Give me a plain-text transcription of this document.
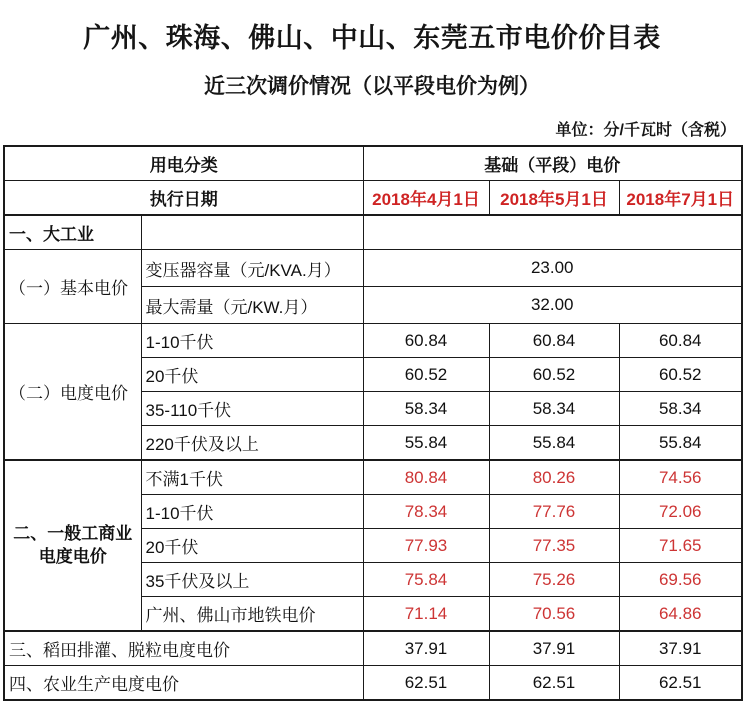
广州、珠海、佛山、中山、东莞五市电价价目表
近三次调价情况（以平段电价为例）
单位：分/千瓦时（含税）
用电分类		基础（平段）电价		
执行日期		2018年4月1日	2018年5月1日	2018年7月1日
一、大工业				
（一）基本电价	变压器容量（元/KVA.月）	23.00		
	最大需量（元/KW.月）	32.00		
（二）电度电价	1-10千伏	60.84	60.84	60.84
	20千伏	60.52	60.52	60.52
	35-110千伏	58.34	58.34	58.34
	220千伏及以上	55.84	55.84	55.84

二、一般工商业
电度电价	不满1千伏	80.84	80.26	74.56
	1-10千伏	78.34	77.76	72.06
	20千伏	77.93	77.35	71.65
	35千伏及以上	75.84	75.26	69.56
	广州、佛山市地铁电价	71.14	70.56	64.86
三、稻田排灌、脱粒电度电价		37.91	37.91	37.91
四、农业生产电度电价		62.51	62.51	62.51
